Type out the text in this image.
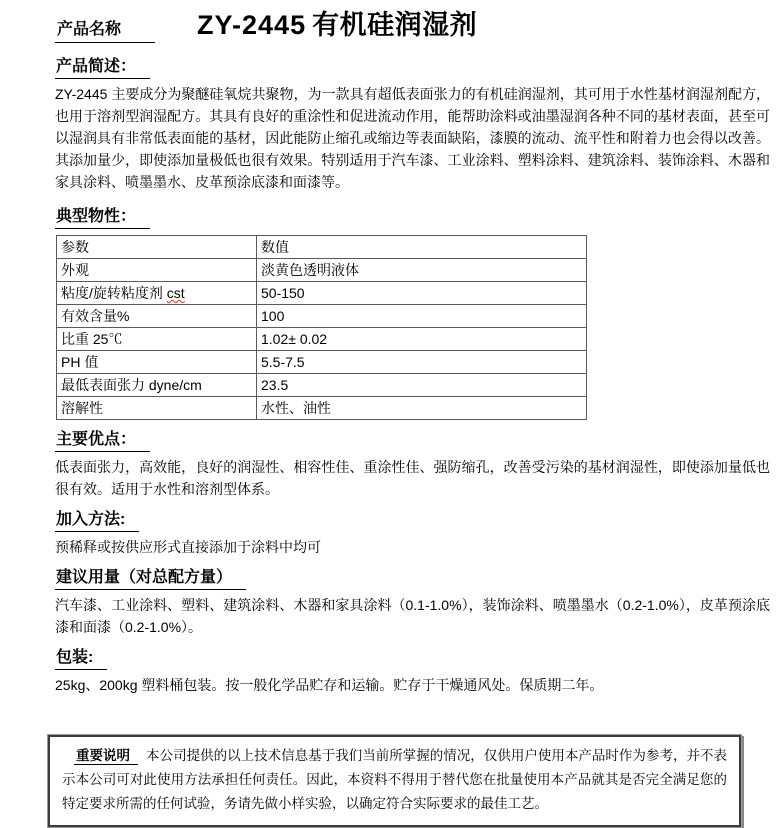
产品名称	ZY-2445 有机硅润湿剂
产品简述：

ZY-2445 主要成分为聚醚硅氧烷共聚物，为一款具有超低表面张力的有机硅润湿剂，其可用于水性基材润湿剂配方，也用于溶剂型润湿配方。其具有良好的重涂性和促进流动作用，能帮助涂料或油墨湿润各种不同的基材表面，甚至可以湿润具有非常低表面能的基材，因此能防止缩孔或缩边等表面缺陷，漆膜的流动、流平性和附着力也会得以改善。其添加量少，即使添加量极低也很有效果。特别适用于汽车漆、工业涂料、塑料涂料、建筑涂料、装饰涂料、木器和家具涂料、喷墨墨水、皮革预涂底漆和面漆等。

典型物性：
参数	数值
外观	淡黄色透明液体
粘度/旋转粘度剂 cst	50-150
有效含量%	100
比重 25℃	1.02± 0.02
PH 值	5.5-7.5
最低表面张力 dyne/cm	23.5
溶解性	水性、油性
主要优点：

低表面张力，高效能，良好的润湿性、相容性佳、重涂性佳、强防缩孔，改善受污染的基材润湿性，即使添加量低也很有效。适用于水性和溶剂型体系。

加入方法:

预稀释或按供应形式直接添加于涂料中均可

建议用量（对总配方量）

汽车漆、工业涂料、塑料、建筑涂料、木器和家具涂料（0.1-1.0%），装饰涂料、喷墨墨水（0.2-1.0%），皮革预涂底漆和面漆（0.2-1.0%）。

包装:

25kg、200kg 塑料桶包装。按一般化学品贮存和运输。贮存于干燥通风处。保质期二年。

重要说明 本公司提供的以上技术信息基于我们当前所掌握的情况，仅供用户使用本产品时作为参考，并不表示本公司可对此使用方法承担任何责任。因此，本资料不得用于替代您在批量使用本产品就其是否完全满足您的特定要求所需的任何试验，务请先做小样实验，以确定符合实际要求的最佳工艺。
